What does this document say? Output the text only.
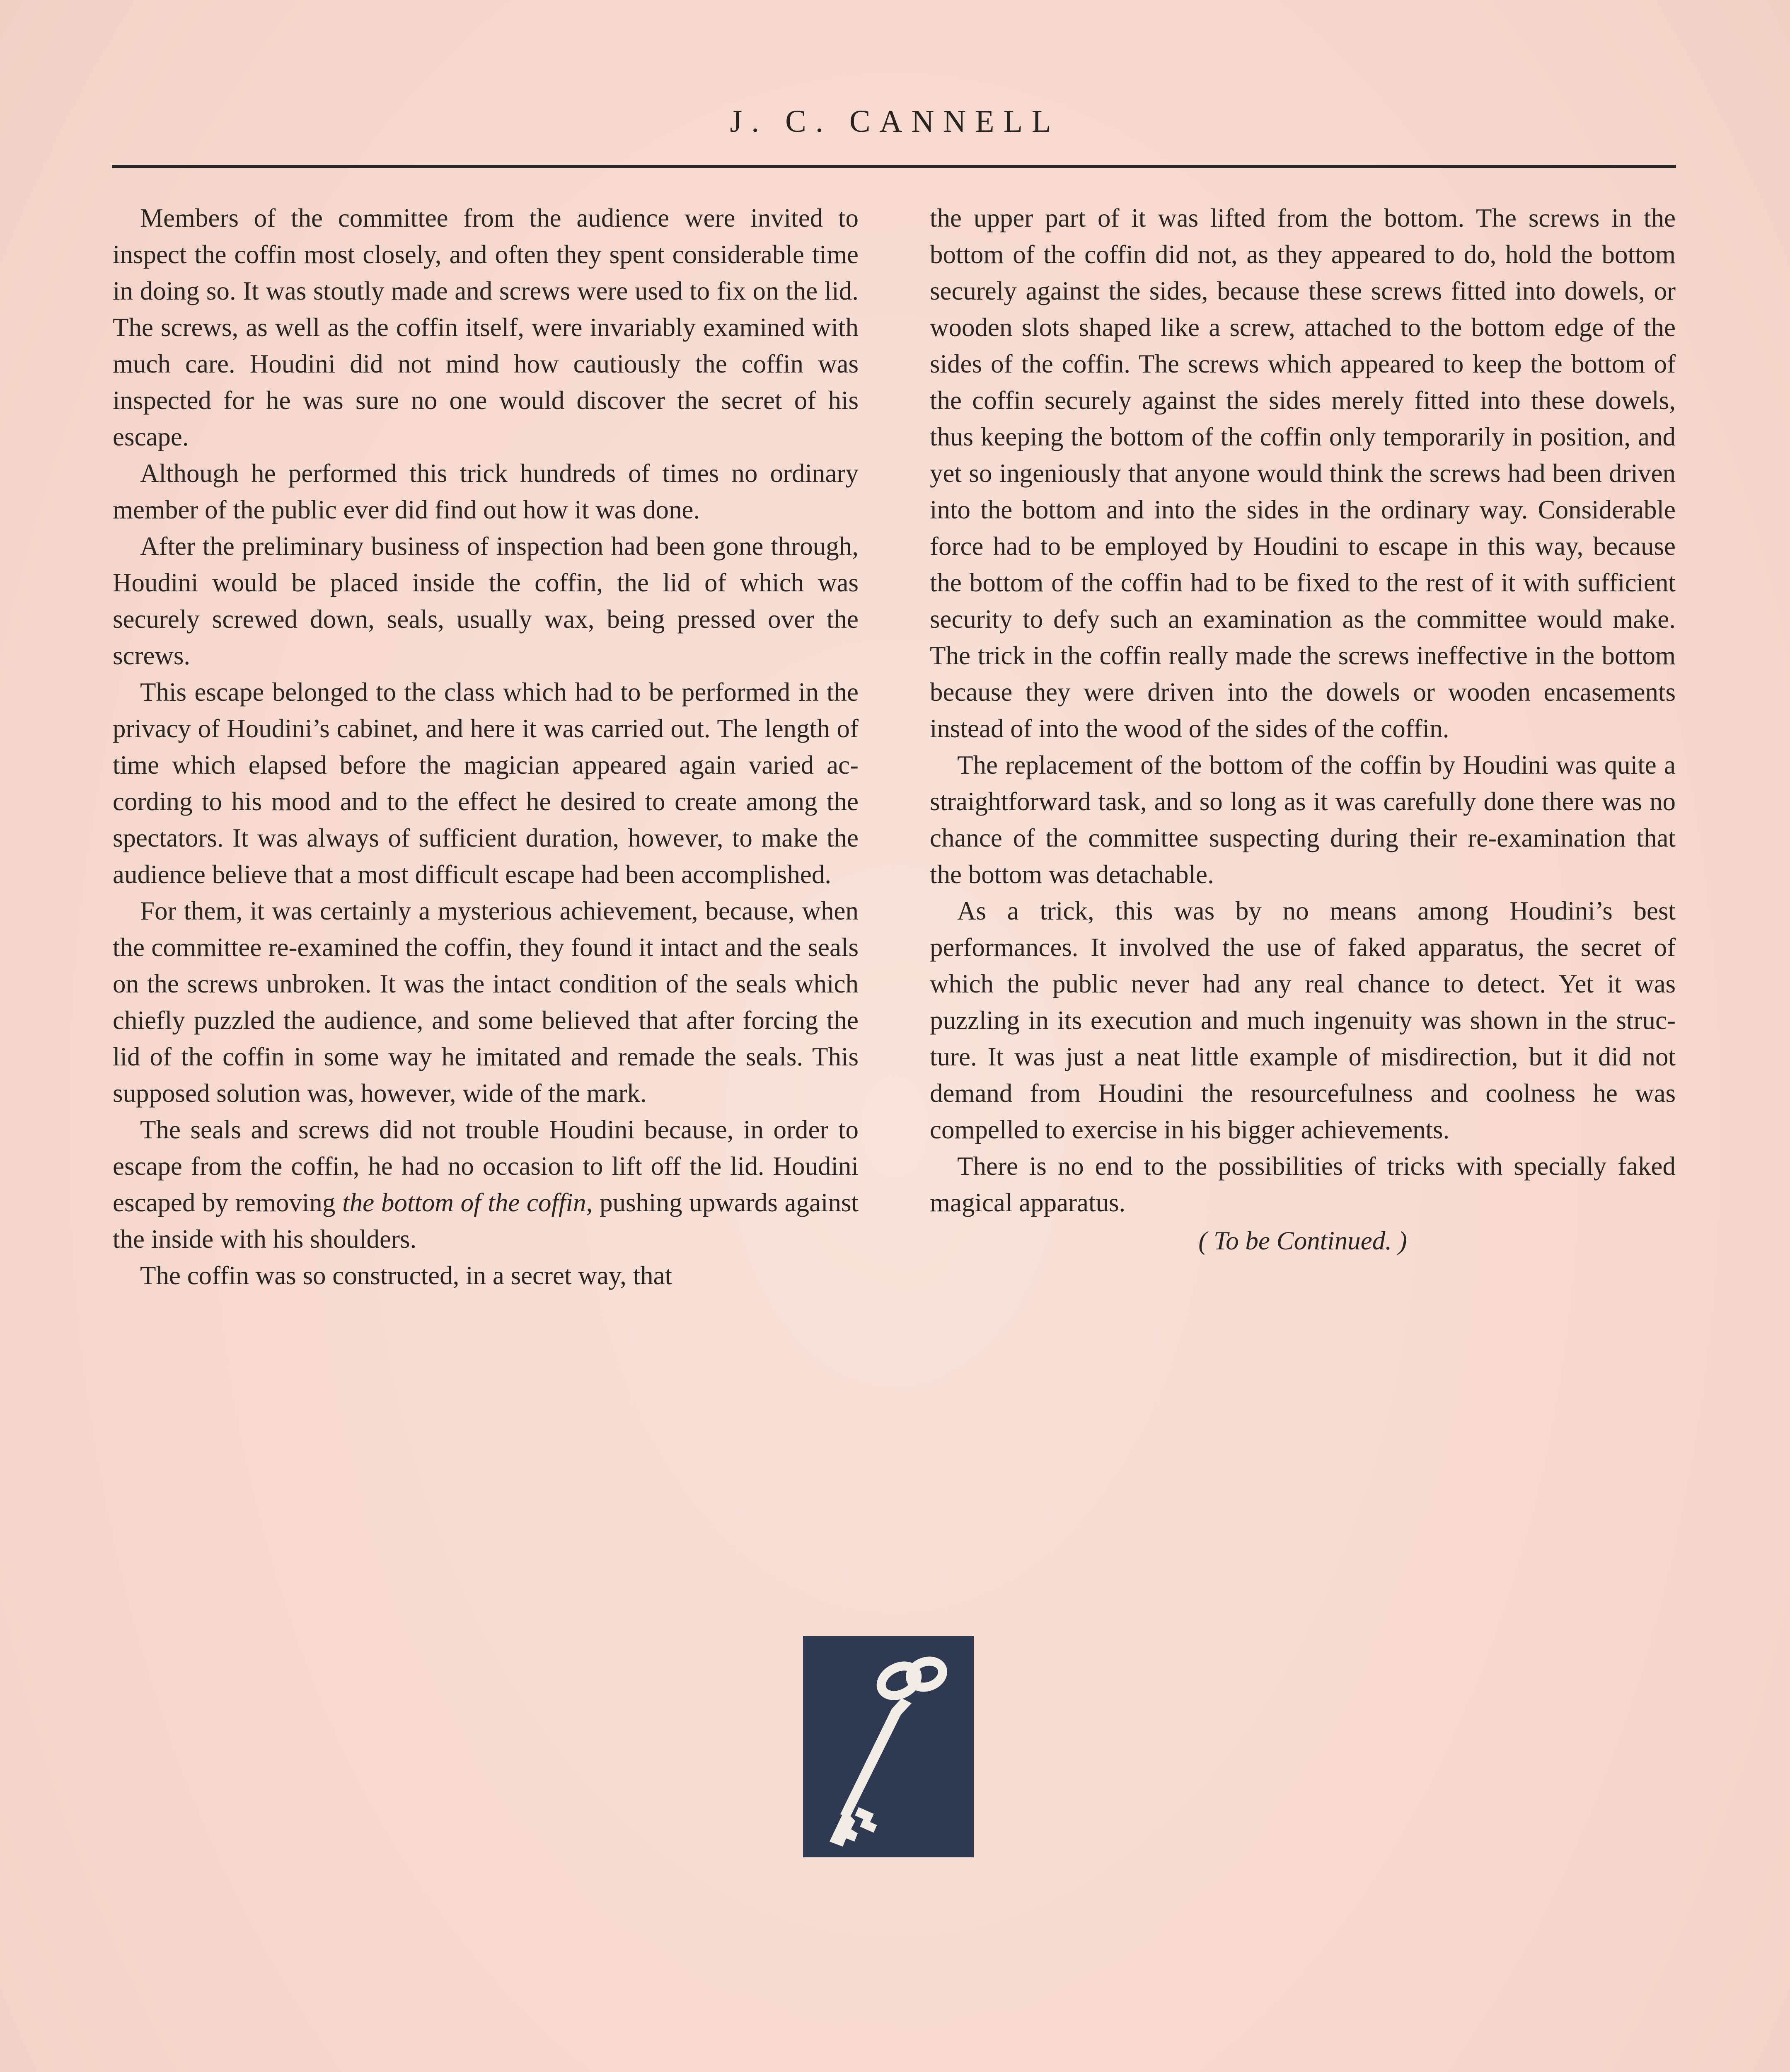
J. C. CANNELL

Members of the committee from the audience were invited to inspect the coffin most closely, and often they spent considerable time in doing so. It was stoutly made and screws were used to fix on the lid. The screws, as well as the coffin itself, were invariably examined with much care. Houdini did not mind how cautiously the coffin was inspected for he was sure no one would discover the secret of his escape.

Although he performed this trick hundreds of times no ordinary member of the public ever did find out how it was done.

After the preliminary business of inspection had been gone through, Houdini would be placed inside the coffin, the lid of which was securely screwed down, seals, usually wax, being pressed over the screws.

This escape belonged to the class which had to be performed in the privacy of Houdini’s cabinet, and here it was carried out. The length of time which elapsed before the magician appeared again varied according to his mood and to the effect he desired to create among the spectators. It was always of sufficient duration, however, to make the audience believe that a most difficult escape had been accomplished.

For them, it was certainly a mysterious achievement, because, when the committee re-examined the coffin, they found it intact and the seals on the screws unbroken. It was the intact condition of the seals which chiefly puzzled the audience, and some believed that after forcing the lid of the coffin in some way he imitated and remade the seals. This supposed solution was, however, wide of the mark.

The seals and screws did not trouble Houdini because, in order to escape from the coffin, he had no occasion to lift off the lid. Houdini escaped by removing the bottom of the coffin, pushing upwards against the inside with his shoulders.

The coffin was so constructed, in a secret way, that

the upper part of it was lifted from the bottom. The screws in the bottom of the coffin did not, as they appeared to do, hold the bottom securely against the sides, because these screws fitted into dowels, or wooden slots shaped like a screw, attached to the bottom edge of the sides of the coffin. The screws which appeared to keep the bottom of the coffin securely against the sides merely fitted into these dowels, thus keeping the bottom of the coffin only temporarily in position, and yet so ingeniously that anyone would think the screws had been driven into the bottom and into the sides in the ordinary way. Considerable force had to be employed by Houdini to escape in this way, because the bottom of the coffin had to be fixed to the rest of it with sufficient security to defy such an examination as the committee would make. The trick in the coffin really made the screws ineffective in the bottom because they were driven into the dowels or wooden encasements instead of into the wood of the sides of the coffin.

The replacement of the bottom of the coffin by Houdini was quite a straightforward task, and so long as it was carefully done there was no chance of the committee suspecting during their re-examination that the bottom was detachable.

As a trick, this was by no means among Houdini’s best performances. It involved the use of faked apparatus, the secret of which the public never had any real chance to detect. Yet it was puzzling in its execution and much ingenuity was shown in the structure. It was just a neat little example of misdirection, but it did not demand from Houdini the resourcefulness and coolness he was compelled to exercise in his bigger achievements.

There is no end to the possibilities of tricks with specially faked magical apparatus.

( To be Continued. )
